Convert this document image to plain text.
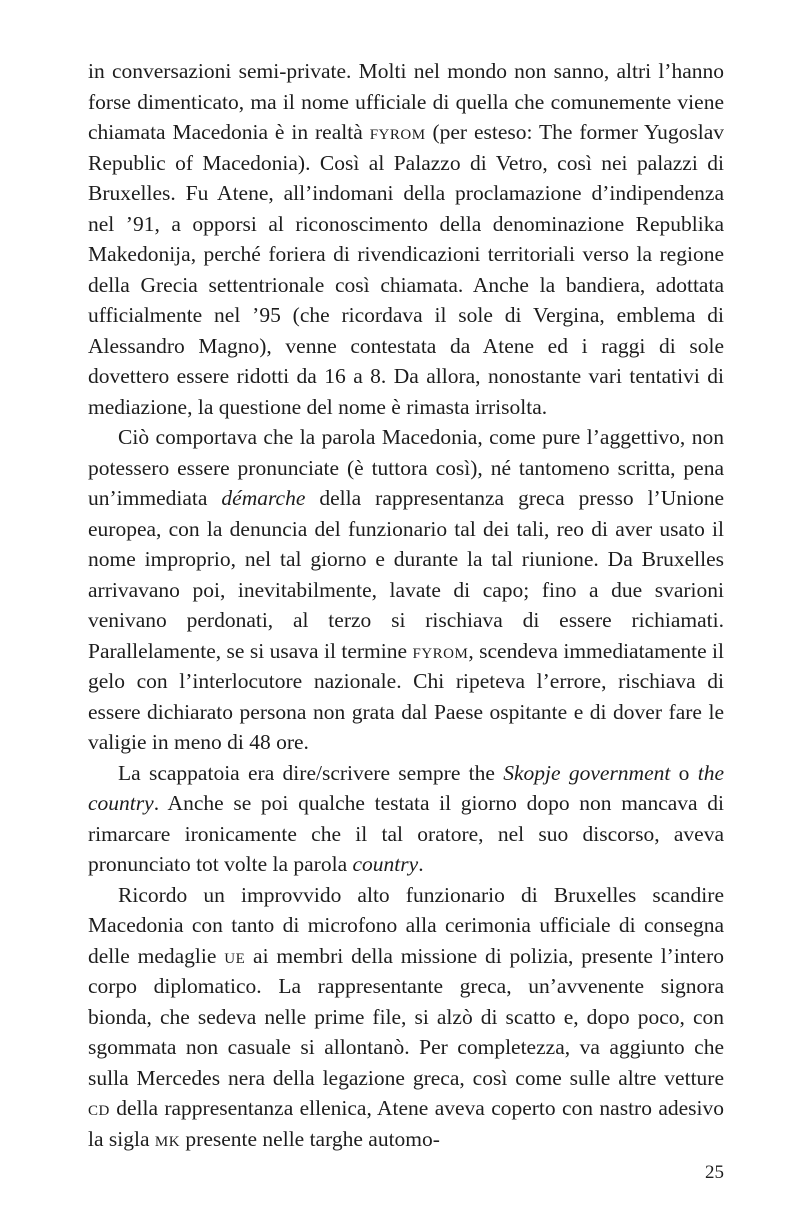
in conversazioni semi-private. Molti nel mondo non sanno, altri l’hanno forse dimenticato, ma il nome ufficiale di quella che comunemente viene chiamata Macedonia è in realtà fyrom (per esteso: The former Yugoslav Republic of Macedonia). Così al Palazzo di Vetro, così nei palazzi di Bruxelles. Fu Atene, all’indomani della proclamazione d’indipendenza nel ’91, a opporsi al riconoscimento della denominazione Republika Makedonija, perché foriera di rivendicazioni territoriali verso la regione della Grecia settentrionale così chiamata. Anche la bandiera, adottata ufficialmente nel ’95 (che ricordava il sole di Vergina, emblema di Alessandro Magno), venne contestata da Atene ed i raggi di sole dovettero essere ridotti da 16 a 8. Da allora, nonostante vari tentativi di mediazione, la questione del nome è rimasta irrisolta.

Ciò comportava che la parola Macedonia, come pure l’aggettivo, non potessero essere pronunciate (è tuttora così), né tantomeno scritta, pena un’immediata démarche della rappresentanza greca presso l’Unione europea, con la denuncia del funzionario tal dei tali, reo di aver usato il nome improprio, nel tal giorno e durante la tal riunione. Da Bruxelles arrivavano poi, inevitabilmente, lavate di capo; fino a due svarioni venivano perdonati, al terzo si rischiava di essere richiamati. Parallelamente, se si usava il termine fyrom, scendeva immediatamente il gelo con l’interlocutore nazionale. Chi ripeteva l’errore, rischiava di essere dichiarato persona non grata dal Paese ospitante e di dover fare le valigie in meno di 48 ore.

La scappatoia era dire/scrivere sempre the Skopje government o the country. Anche se poi qualche testata il giorno dopo non mancava di rimarcare ironicamente che il tal oratore, nel suo discorso, aveva pronunciato tot volte la parola country.

Ricordo un improvvido alto funzionario di Bruxelles scandire Macedonia con tanto di microfono alla cerimonia ufficiale di consegna delle medaglie ue ai membri della missione di polizia, presente l’intero corpo diplomatico. La rappresentante greca, un’avvenente signora bionda, che sedeva nelle prime file, si alzò di scatto e, dopo poco, con sgommata non casuale si allontanò. Per completezza, va aggiunto che sulla Mercedes nera della legazione greca, così come sulle altre vetture cd della rappresentanza ellenica, Atene aveva coperto con nastro adesivo la sigla mk presente nelle targhe automo-

25
